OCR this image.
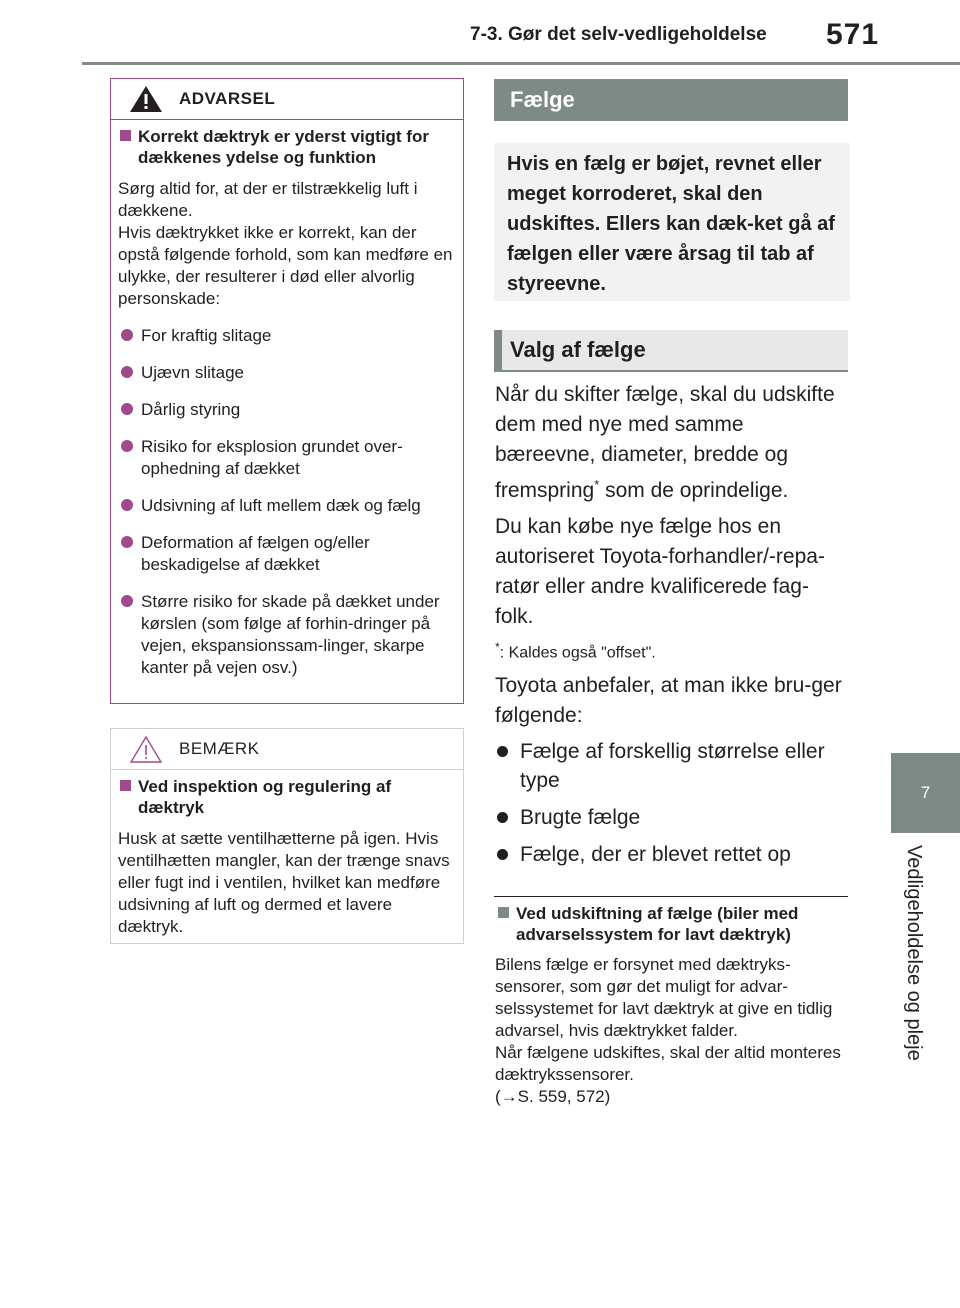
7-3. Gør det selv-vedligeholdelse 571
7
Vedligeholdelse og pleje
ADVARSEL
Korrekt dæktryk er yderst vigtigt for dækkenes ydelse og funktion

Sørg altid for, at der er tilstrækkelig luft i dækkene.
Hvis dæktrykket ikke er korrekt, kan der opstå følgende forhold, som kan medføre en ulykke, der resulterer i død eller alvorlig personskade:

For kraftig slitage
Ujævn slitage
Dårlig styring
Risiko for eksplosion grundet over-ophedning af dækket
Udsivning af luft mellem dæk og fælg
Deformation af fælgen og/eller beskadigelse af dækket
Større risiko for skade på dækket under kørslen (som følge af forhin-dringer på vejen, ekspansionssam-linger, skarpe kanter på vejen osv.)
BEMÆRK
Ved inspektion og regulering af dæktryk

Husk at sætte ventilhætterne på igen. Hvis ventilhætten mangler, kan der trænge snavs eller fugt ind i ventilen, hvilket kan medføre udsivning af luft og dermed et lavere dæktryk.

Fælge
Hvis en fælg er bøjet, revnet eller meget korroderet, skal den udskiftes. Ellers kan dæk-ket gå af fælgen eller være årsag til tab af styreevne.
Valg af fælge
Når du skifter fælge, skal du udskifte dem med nye med samme bæreevne, diameter, bredde og fremspring* som de oprindelige.
Du kan købe nye fælge hos en autoriseret Toyota-forhandler/-repa-ratør eller andre kvalificerede fag-folk.
*: Kaldes også "offset".
Toyota anbefaler, at man ikke bru-ger følgende:
Fælge af forskellig størrelse eller type
Brugte fælge
Fælge, der er blevet rettet op
Ved udskiftning af fælge (biler med advarselssystem for lavt dæktryk)
Bilens fælge er forsynet med dæktryks-sensorer, som gør det muligt for advar-selssystemet for lavt dæktryk at give en tidlig advarsel, hvis dæktrykket falder.
Når fælgene udskiftes, skal der altid monteres dæktrykssensorer.
(→S. 559, 572)
